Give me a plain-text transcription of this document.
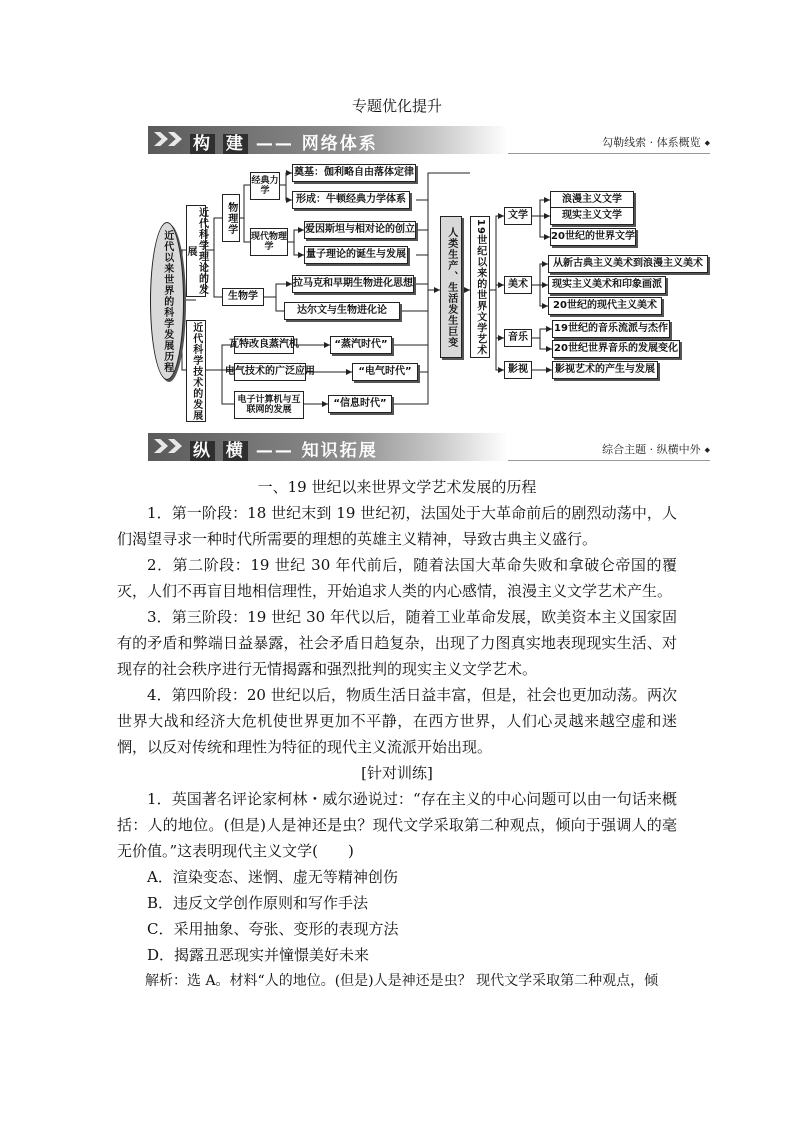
专题优化提升
构 建 —— 网络体系	勾勒线索 · 体系概览 ◆
近代以来世界的科学发展历程	近代科学理论的发展
近代科学技术的发展
物理学
经典力学
现代物理学
奠基：伽利略自由落体定律
形成：牛顿经典力学体系
爱因斯坦与相对论的创立
量子理论的诞生与发展
生物学
拉马克和早期生物进化思想
达尔文与生物进化论
瓦特改良蒸汽机	“蒸汽时代”
电气技术的广泛应用	“电气时代”
电子计算机与互联网的发展
“信息时代”
人类生产、生活发生巨变 19世纪以来的世界文学艺术
文学
美术
音乐
影视
浪漫主义文学
现实主义文学
20世纪的世界文学
从新古典主义美术到浪漫主义美术
现实主义美术和印象画派
20世纪的现代主义美术
19世纪的音乐流派与杰作
20世纪世界音乐的发展变化
影视艺术的产生与发展
纵 横 —— 知识拓展	综合主题 · 纵横中外 ◆
一、19 世纪以来世界文学艺术发展的历程

1．第一阶段：18 世纪末到 19 世纪初，法国处于大革命前后的剧烈动荡中，人们渴望寻求一种时代所需要的理想的英雄主义精神，导致古典主义盛行。

2．第二阶段：19 世纪 30 年代前后，随着法国大革命失败和拿破仑帝国的覆灭，人们不再盲目地相信理性，开始追求人类的内心感情，浪漫主义文学艺术产生。

3．第三阶段：19 世纪 30 年代以后，随着工业革命发展，欧美资本主义国家固有的矛盾和弊端日益暴露，社会矛盾日趋复杂，出现了力图真实地表现现实生活、对现存的社会秩序进行无情揭露和强烈批判的现实主义文学艺术。

4．第四阶段：20 世纪以后，物质生活日益丰富，但是，社会也更加动荡。两次世界大战和经济大危机使世界更加不平静，在西方世界，人们心灵越来越空虚和迷惘，以反对传统和理性为特征的现代主义流派开始出现。

[针对训练]

1．英国著名评论家柯林・威尔逊说过：“存在主义的中心问题可以由一句话来概括：人的地位。(但是)人是神还是虫？现代文学采取第二种观点，倾向于强调人的毫无价值。”这表明现代主义文学(　　)

A．渲染变态、迷惘、虚无等精神创伤

B．违反文学创作原则和写作手法

C．采用抽象、夸张、变形的表现方法

D．揭露丑恶现实并憧憬美好未来

解析：选 A。材料“人的地位。(但是)人是神还是虫？ 现代文学采取第二种观点，倾
